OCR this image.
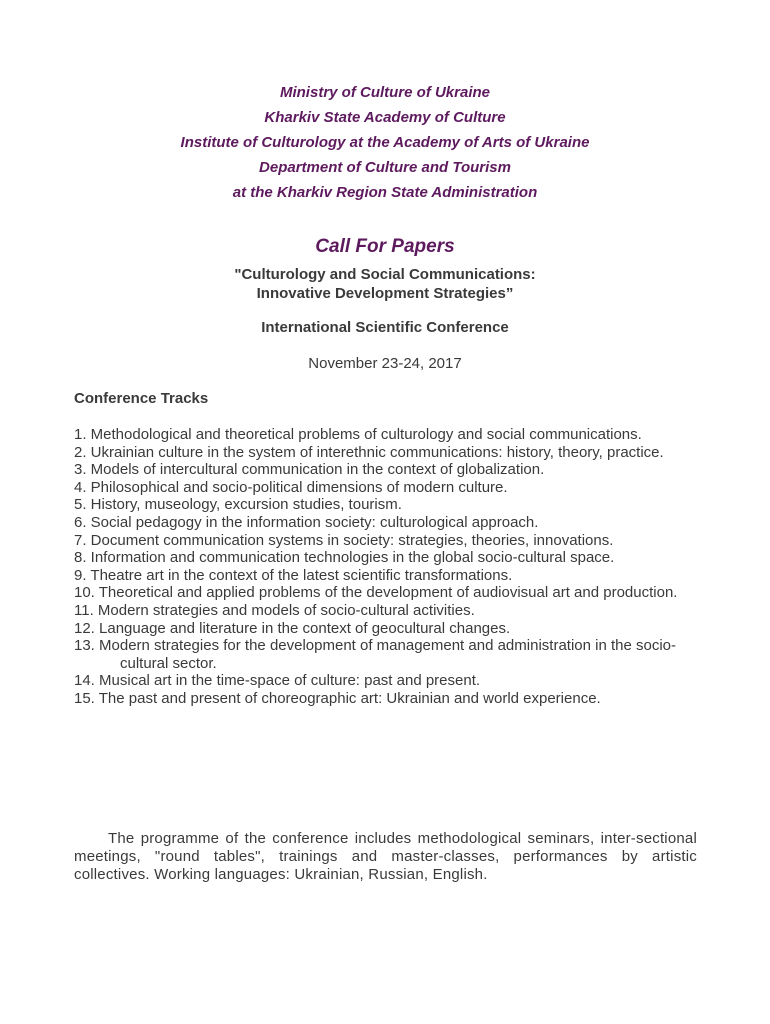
Ministry of Culture of Ukraine
Kharkiv State Academy of Culture
Institute of Culturology at the Academy of Arts of Ukraine
Department of Culture and Tourism
at the Kharkiv Region State Administration
Call For Papers
"Culturology and Social Communications:
Innovative Development Strategies”
International Scientific Conference
November 23-24, 2017
Conference Tracks
1. Methodological and theoretical problems of culturology and social communications.
2. Ukrainian culture in the system of interethnic communications: history, theory, practice.
3. Models of intercultural communication in the context of globalization.
4. Philosophical and socio-political dimensions of modern culture.
5. History, museology, excursion studies, tourism.
6. Social pedagogy in the information society: culturological approach.
7. Document communication systems in society: strategies, theories, innovations.
8. Information and communication technologies in the global socio-cultural space.
9. Theatre art in the context of the latest scientific transformations.
10. Theoretical and applied problems of the development of audiovisual art and production.
11. Modern strategies and models of socio-cultural activities.
12. Language and literature in the context of geocultural changes.
13. Modern strategies for the development of management and administration in the socio-cultural sector.
14. Musical art in the time-space of culture: past and present.
15. The past and present of choreographic art: Ukrainian and world experience.

The programme of the conference includes methodological seminars, inter-sectional meetings, "round tables", trainings and master-classes, performances by artistic collectives. Working languages: Ukrainian, Russian, English.
